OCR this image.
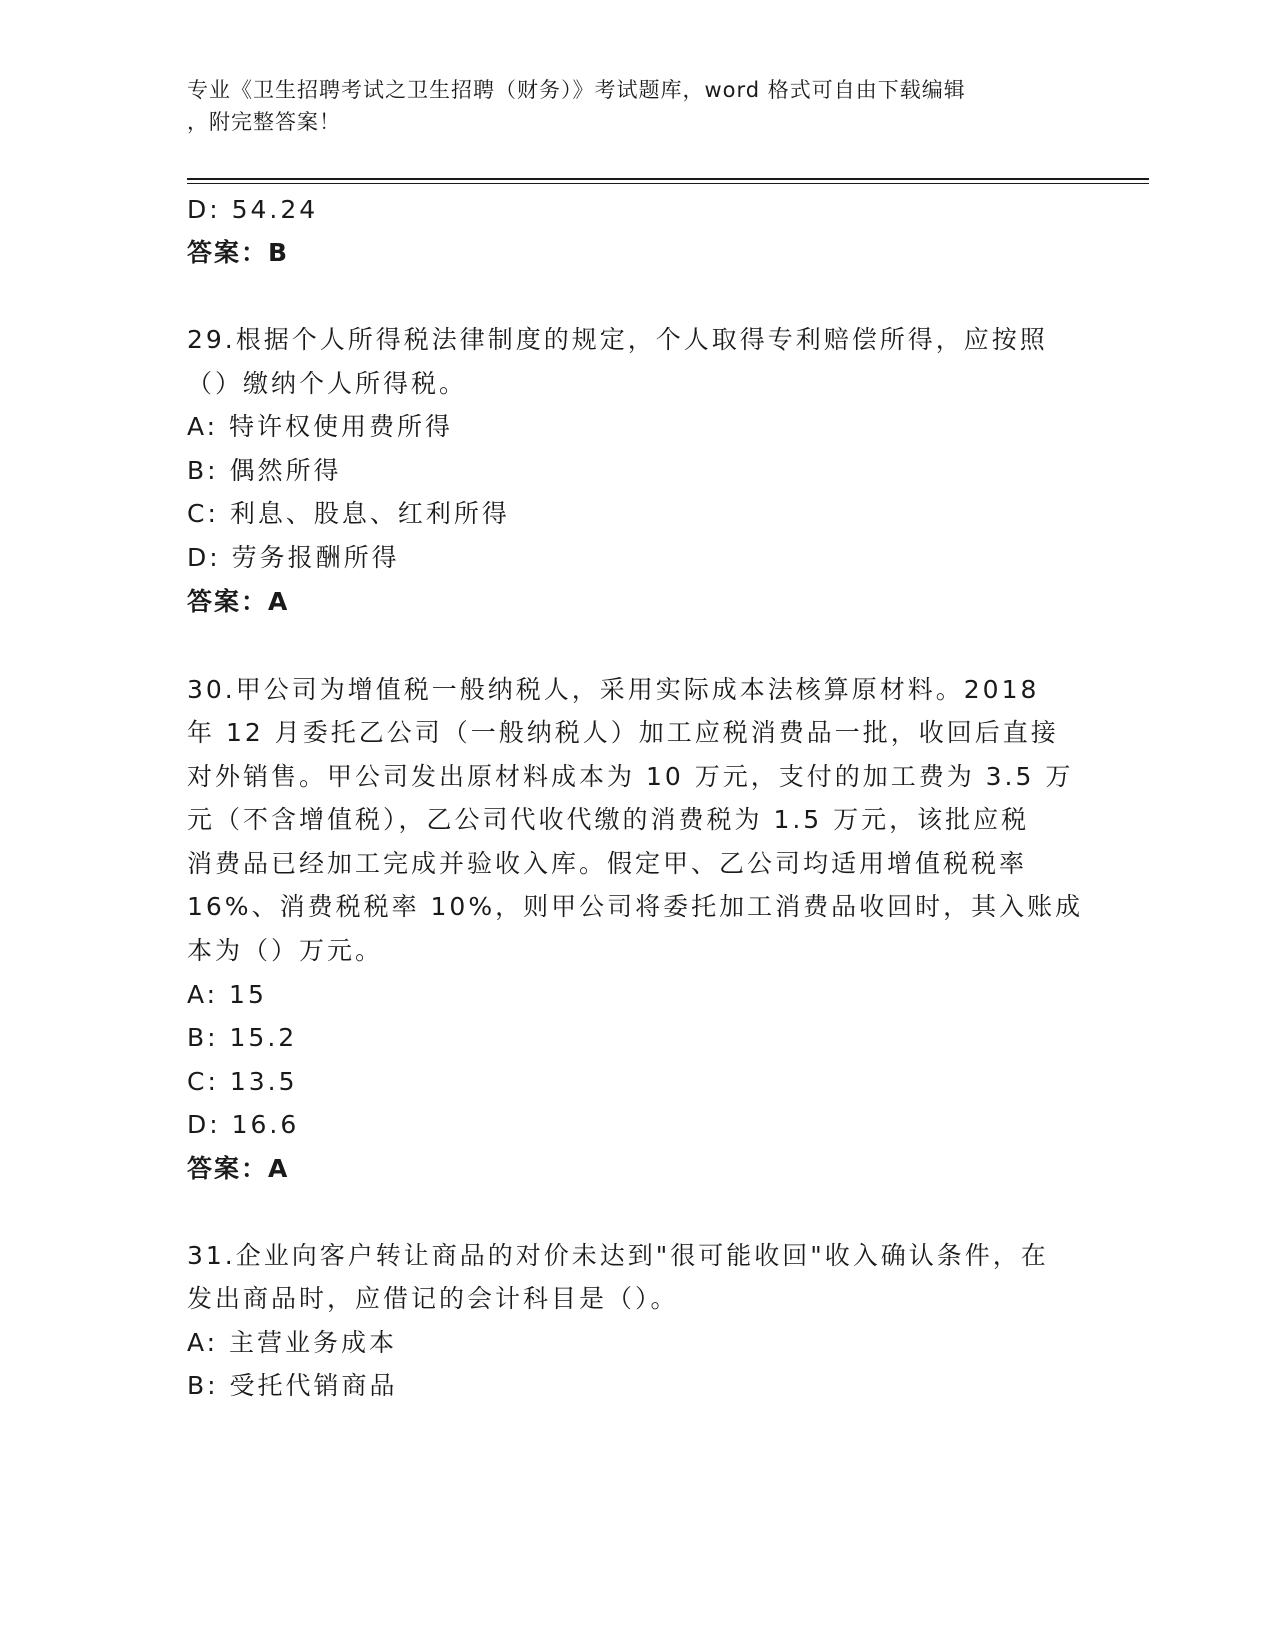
专业《卫生招聘考试之卫生招聘（财务）》考试题库，word 格式可自由下载编辑
，附完整答案！
D: 54.24
答案：B
29.根据个人所得税法律制度的规定，个人取得专利赔偿所得，应按照
（）缴纳个人所得税。
A: 特许权使用费所得
B: 偶然所得
C: 利息、股息、红利所得
D: 劳务报酬所得
答案：A
30.甲公司为增值税一般纳税人，采用实际成本法核算原材料。2018
年 12 月委托乙公司（一般纳税人）加工应税消费品一批，收回后直接
对外销售。甲公司发出原材料成本为 10 万元，支付的加工费为 3.5 万
元（不含增值税），乙公司代收代缴的消费税为 1.5 万元，该批应税
消费品已经加工完成并验收入库。假定甲、乙公司均适用增值税税率
16%、消费税税率 10%，则甲公司将委托加工消费品收回时，其入账成
本为（）万元。
A: 15
B: 15.2
C: 13.5
D: 16.6
答案：A
31.企业向客户转让商品的对价未达到"很可能收回"收入确认条件，在
发出商品时，应借记的会计科目是（）。
A: 主营业务成本
B: 受托代销商品
